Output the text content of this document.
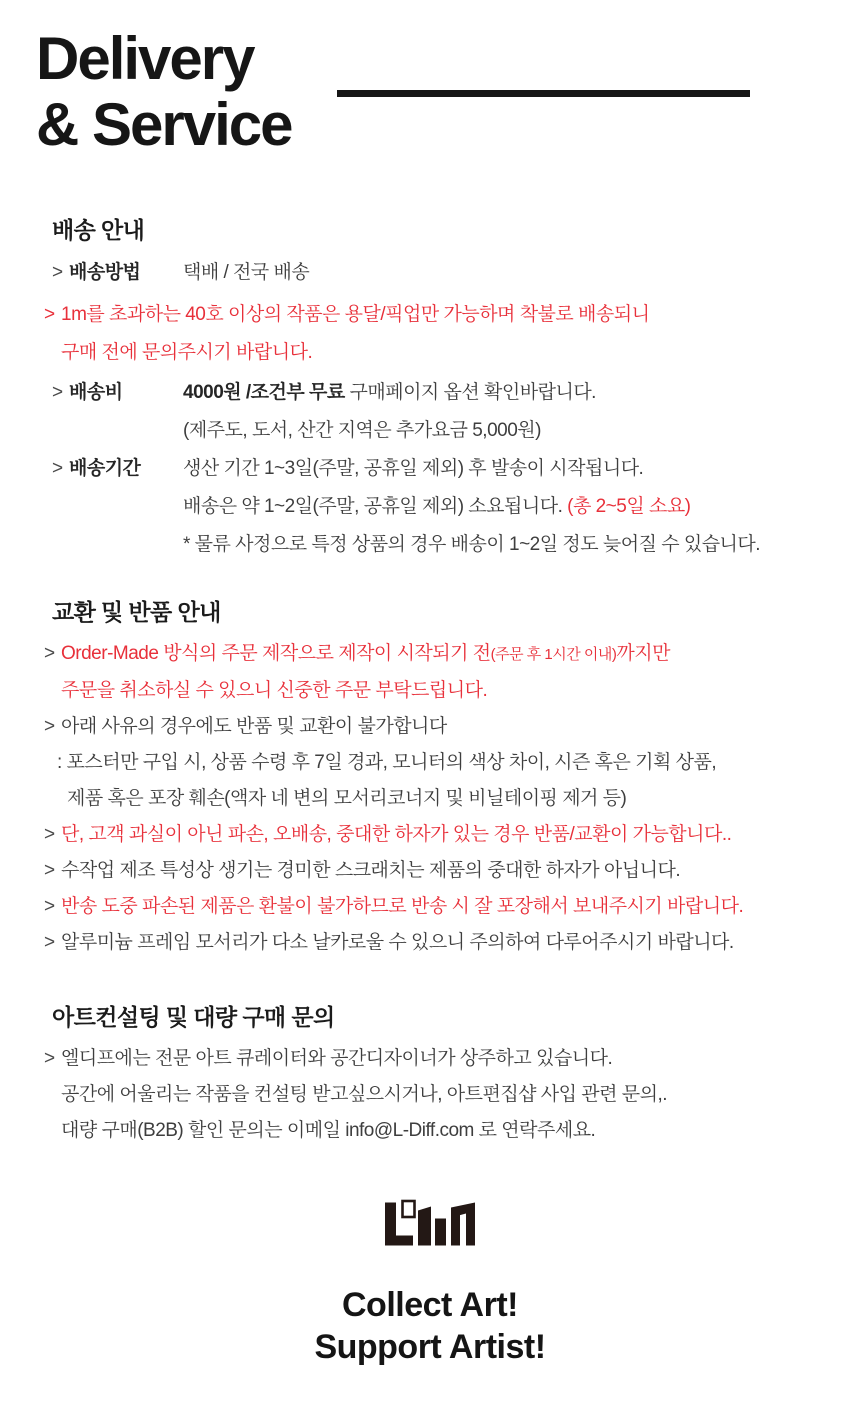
Delivery
& Service
배송 안내
> 배송방법	택배 / 전국 배송
> 1m를 초과하는 40호 이상의 작품은 용달/픽업만 가능하며 착불로 배송되니
구매 전에 문의주시기 바랍니다.
> 배송비	4000원 /조건부 무료 구매페이지 옵션 확인바랍니다.
(제주도, 도서, 산간 지역은 추가요금 5,000원)
> 배송기간	생산 기간 1~3일(주말, 공휴일 제외) 후 발송이 시작됩니다.
배송은 약 1~2일(주말, 공휴일 제외) 소요됩니다. (총 2~5일 소요)
* 물류 사정으로 특정 상품의 경우 배송이 1~2일 정도 늦어질 수 있습니다.
교환 및 반품 안내
> Order-Made 방식의 주문 제작으로 제작이 시작되기 전(주문 후 1시간 이내)까지만
주문을 취소하실 수 있으니 신중한 주문 부탁드립니다.
> 아래 사유의 경우에도 반품 및 교환이 불가합니다
: 포스터만 구입 시, 상품 수령 후 7일 경과, 모니터의 색상 차이, 시즌 혹은 기획 상품,
제품 혹은 포장 훼손(액자 네 변의 모서리코너지 및 비닐테이핑 제거 등)
> 단, 고객 과실이 아닌 파손, 오배송, 중대한 하자가 있는 경우 반품/교환이 가능합니다..
> 수작업 제조 특성상 생기는 경미한 스크래치는 제품의 중대한 하자가 아닙니다.
> 반송 도중 파손된 제품은 환불이 불가하므로 반송 시 잘 포장해서 보내주시기 바랍니다.
> 알루미늄 프레임 모서리가 다소 날카로울 수 있으니 주의하여 다루어주시기 바랍니다.
아트컨설팅 및 대량 구매 문의
> 엘디프에는 전문 아트 큐레이터와 공간디자이너가 상주하고 있습니다.
공간에 어울리는 작품을 컨설팅 받고싶으시거나, 아트편집샵 사입 관련 문의,.
대량 구매(B2B) 할인 문의는 이메일 info@L-Diff.com 로 연락주세요.
Collect Art!
Support Artist!
